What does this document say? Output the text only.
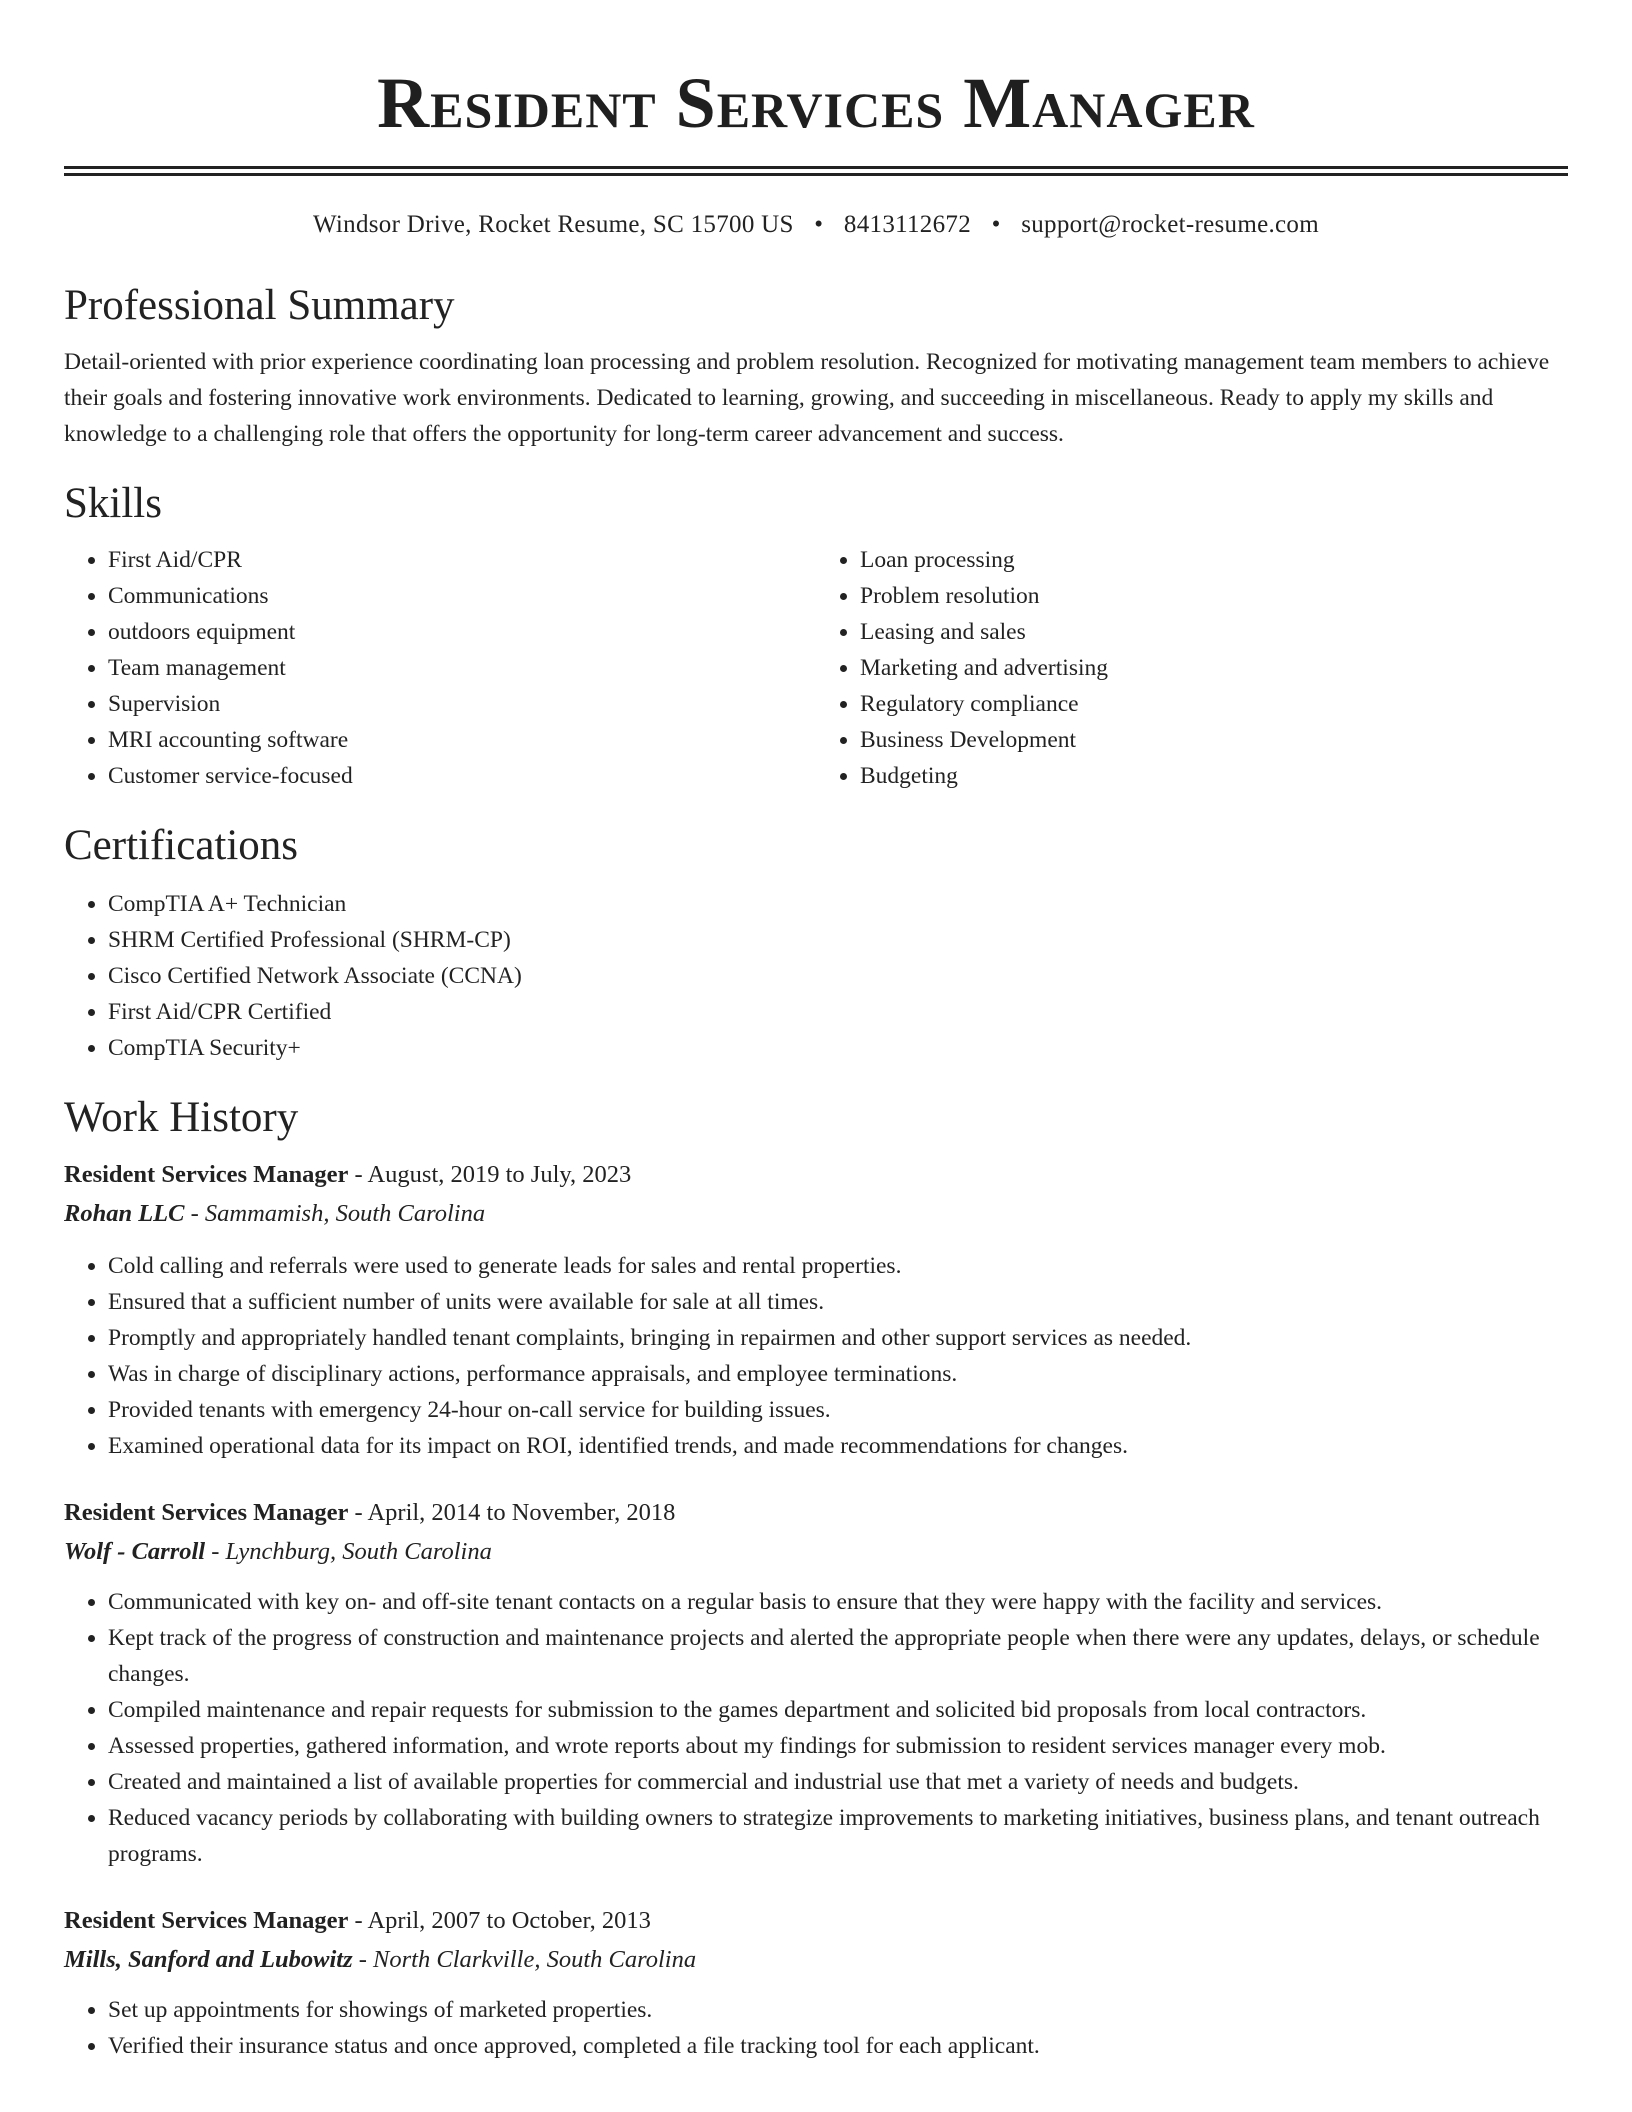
Resident Services Manager
Windsor Drive, Rocket Resume, SC 15700 US • 8413112672 • support@rocket-resume.com
Professional Summary

Detail-oriented with prior experience coordinating loan processing and problem resolution. Recognized for motivating management team members to achieve their goals and fostering innovative work environments. Dedicated to learning, growing, and succeeding in miscellaneous. Ready to apply my skills and knowledge to a challenging role that offers the opportunity for long-term career advancement and success.

Skills
• First Aid/CPR
• Communications
• outdoors equipment
• Team management
• Supervision
• MRI accounting software
• Customer service-focused
• Loan processing
• Problem resolution
• Leasing and sales
• Marketing and advertising
• Regulatory compliance
• Business Development
• Budgeting
Certifications
• CompTIA A+ Technician
• SHRM Certified Professional (SHRM-CP)
• Cisco Certified Network Associate (CCNA)
• First Aid/CPR Certified
• CompTIA Security+
Work History
Resident Services Manager - August, 2019 to July, 2023
Rohan LLC - Sammamish, South Carolina
• Cold calling and referrals were used to generate leads for sales and rental properties.
• Ensured that a sufficient number of units were available for sale at all times.
• Promptly and appropriately handled tenant complaints, bringing in repairmen and other support services as needed.
• Was in charge of disciplinary actions, performance appraisals, and employee terminations.
• Provided tenants with emergency 24-hour on-call service for building issues.
• Examined operational data for its impact on ROI, identified trends, and made recommendations for changes.
Resident Services Manager - April, 2014 to November, 2018
Wolf - Carroll - Lynchburg, South Carolina
• Communicated with key on- and off-site tenant contacts on a regular basis to ensure that they were happy with the facility and services.
• Kept track of the progress of construction and maintenance projects and alerted the appropriate people when there were any updates, delays, or schedule changes.
• Compiled maintenance and repair requests for submission to the games department and solicited bid proposals from local contractors.
• Assessed properties, gathered information, and wrote reports about my findings for submission to resident services manager every mob.
• Created and maintained a list of available properties for commercial and industrial use that met a variety of needs and budgets.
• Reduced vacancy periods by collaborating with building owners to strategize improvements to marketing initiatives, business plans, and tenant outreach programs.
Resident Services Manager - April, 2007 to October, 2013
Mills, Sanford and Lubowitz - North Clarkville, South Carolina
• Set up appointments for showings of marketed properties.
• Verified their insurance status and once approved, completed a file tracking tool for each applicant.
